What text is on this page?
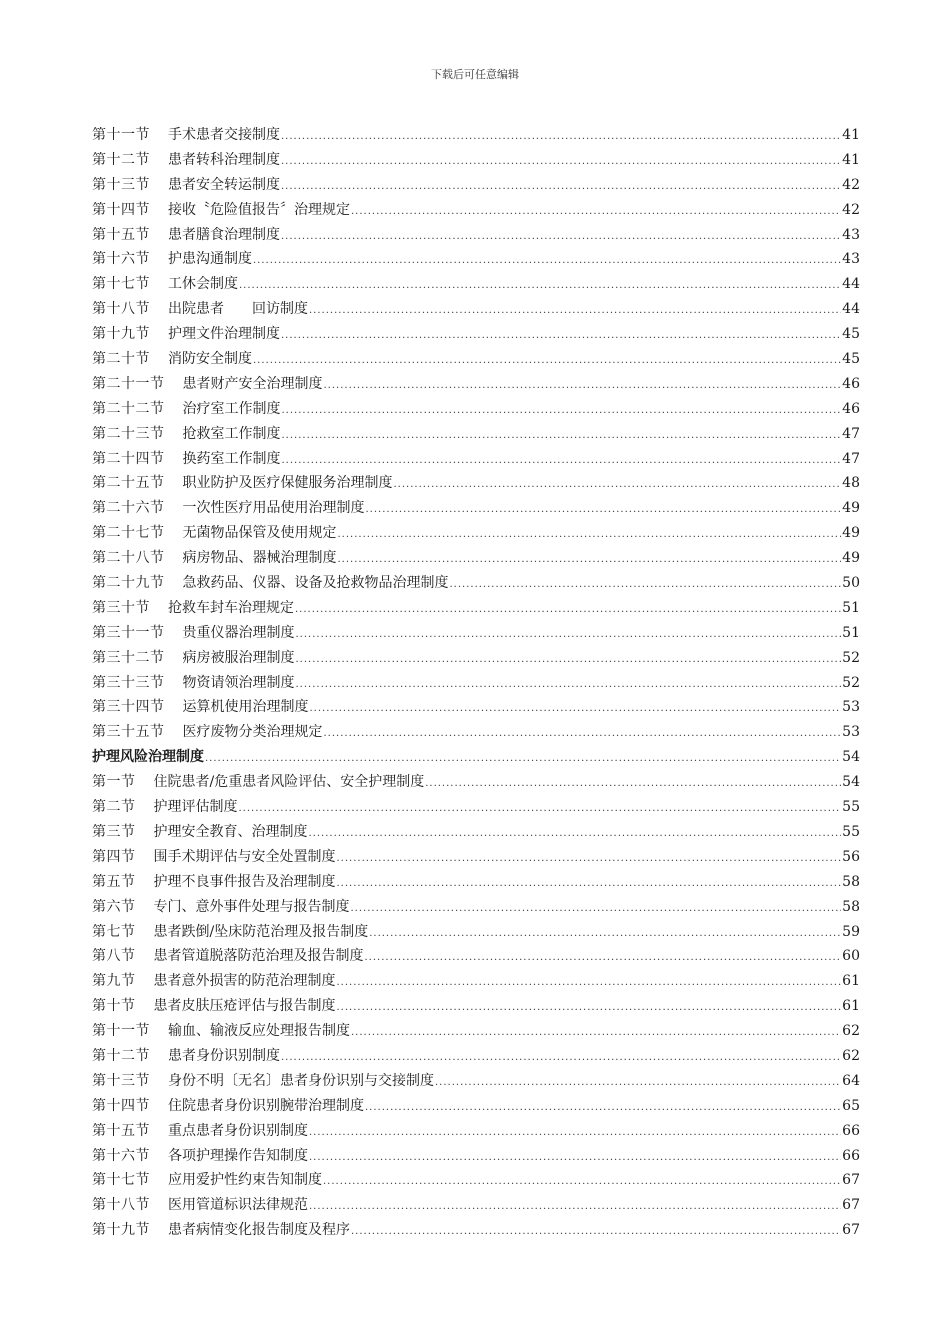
下载后可任意编辑
第十一节 手术患者交接制度 .....	41
第十二节 患者转科治理制度 .....	41
第十三节 患者安全转运制度 .....	42
第十四节 接收〝危险值报告〞治理规定 .....	42
第十五节 患者膳食治理制度 .....	43
第十六节 护患沟通制度 .....	43
第十七节 工休会制度 .....	44
第十八节 出院患者　　回访制度 .....	44
第十九节 护理文件治理制度 .....	45
第二十节 消防安全制度 .....	45
第二十一节 患者财产安全治理制度 .....	46
第二十二节 治疗室工作制度 .....	46
第二十三节 抢救室工作制度 .....	47
第二十四节 换药室工作制度 .....	47
第二十五节 职业防护及医疗保健服务治理制度 .....	48
第二十六节 一次性医疗用品使用治理制度 .....	49
第二十七节 无菌物品保管及使用规定 .....	49
第二十八节 病房物品、器械治理制度 .....	49
第二十九节 急救药品、仪器、设备及抢救物品治理制度 .....	50
第三十节 抢救车封车治理规定 .....	51
第三十一节 贵重仪器治理制度 .....	51
第三十二节 病房被服治理制度 .....	52
第三十三节 物资请领治理制度 .....	52
第三十四节 运算机使用治理制度 .....	53
第三十五节 医疗废物分类治理规定 .....	53
护理风险治理制度 .....	54
第一节 住院患者/危重患者风险评估、安全护理制度 .....	54
第二节 护理评估制度 .....	55
第三节 护理安全教育、治理制度 .....	55
第四节 围手术期评估与安全处置制度 .....	56
第五节 护理不良事件报告及治理制度 .....	58
第六节 专门、意外事件处理与报告制度 .....	58
第七节 患者跌倒/坠床防范治理及报告制度 .....	59
第八节 患者管道脱落防范治理及报告制度 .....	60
第九节 患者意外损害的防范治理制度 .....	61
第十节 患者皮肤压疮评估与报告制度 .....	61
第十一节 输血、输液反应处理报告制度 .....	62
第十二节 患者身份识别制度 .....	62
第十三节 身份不明〔无名〕患者身份识别与交接制度 .....	64
第十四节 住院患者身份识别腕带治理制度 .....	65
第十五节 重点患者身份识别制度 .....	66
第十六节 各项护理操作告知制度 .....	66
第十七节 应用爱护性约束告知制度 .....	67
第十八节 医用管道标识法律规范 .....	67
第十九节 患者病情变化报告制度及程序 .....	67
